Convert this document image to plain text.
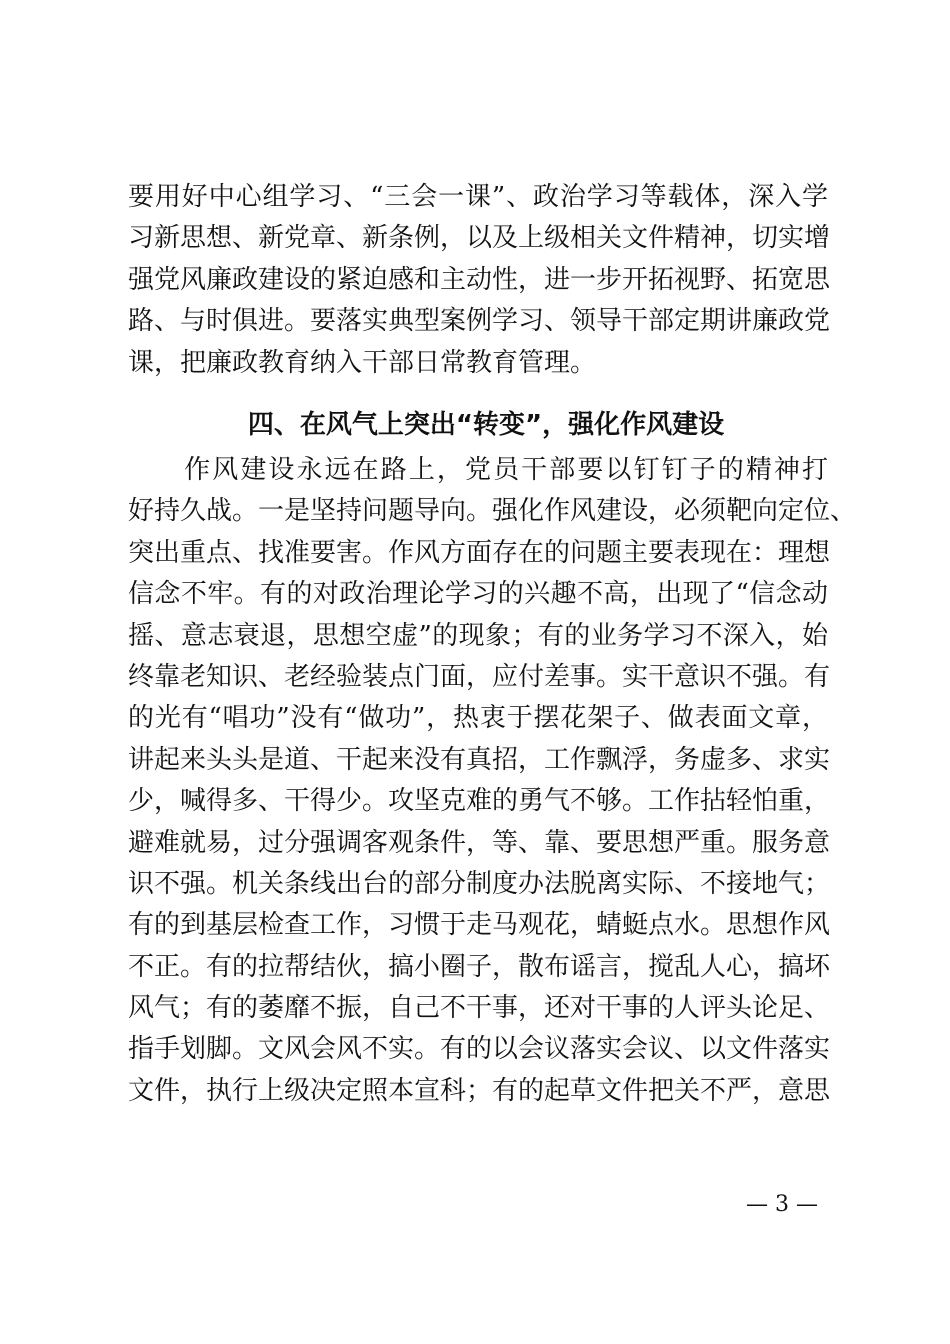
要用好中心组学习、“三会一课”、政治学习等载体，深入学
习新思想、新党章、新条例，以及上级相关文件精神，切实增
强党风廉政建设的紧迫感和主动性，进一步开拓视野、拓宽思
路、与时俱进。要落实典型案例学习、领导干部定期讲廉政党
课，把廉政教育纳入干部日常教育管理。
四、在风气上突出“转变”，强化作风建设
　　作风建设永远在路上，党员干部要以钉钉子的精神打
好持久战。一是坚持问题导向。强化作风建设，必须靶向定位、
突出重点、找准要害。作风方面存在的问题主要表现在：理想
信念不牢。有的对政治理论学习的兴趣不高，出现了“信念动
摇、意志衰退，思想空虚”的现象；有的业务学习不深入，始
终靠老知识、老经验装点门面，应付差事。实干意识不强。有
的光有“唱功”没有“做功”，热衷于摆花架子、做表面文章，
讲起来头头是道、干起来没有真招，工作飘浮，务虚多、求实
少，喊得多、干得少。攻坚克难的勇气不够。工作拈轻怕重，
避难就易，过分强调客观条件，等、靠、要思想严重。服务意
识不强。机关条线出台的部分制度办法脱离实际、不接地气；
有的到基层检查工作，习惯于走马观花，蜻蜓点水。思想作风
不正。有的拉帮结伙，搞小圈子，散布谣言，搅乱人心，搞坏
风气；有的萎靡不振，自己不干事，还对干事的人评头论足、
指手划脚。文风会风不实。有的以会议落实会议、以文件落实
文件，执行上级决定照本宣科；有的起草文件把关不严，意思
— 3 —
